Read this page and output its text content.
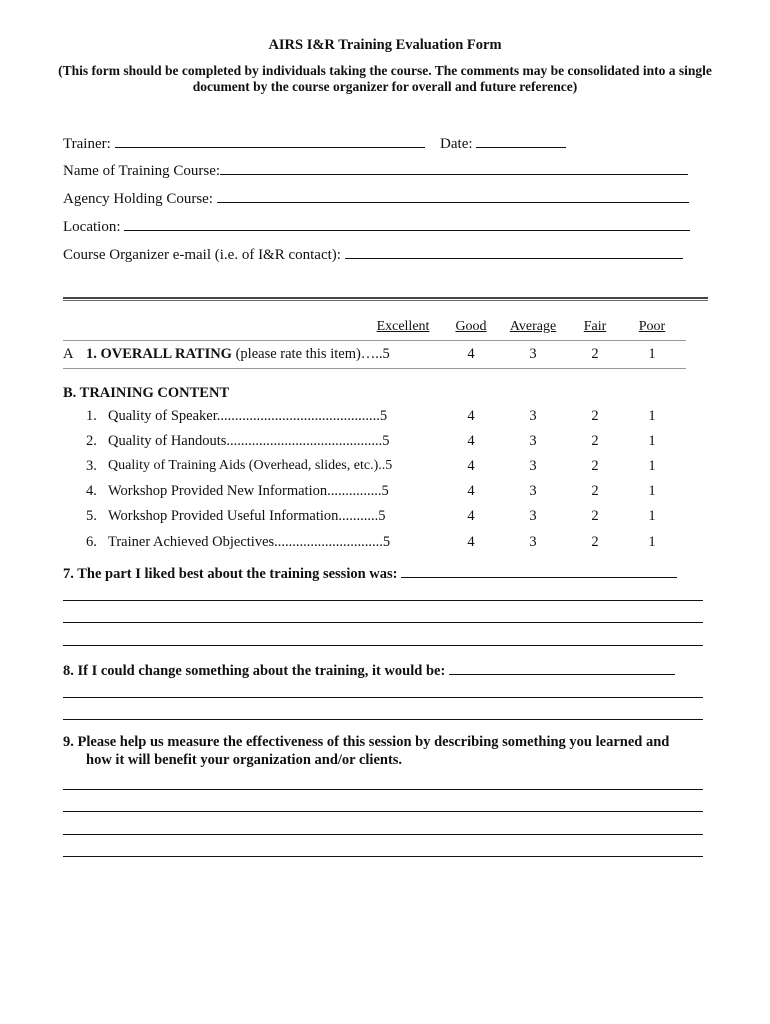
AIRS I&R Training Evaluation Form
(This form should be completed by individuals taking the course. The comments may be consolidated into a single document by the course organizer for overall and future reference)
Trainer:	Date:
Name of Training Course:
Agency Holding Course:
Location:
Course Organizer e-mail (i.e. of I&R contact):
Excellent	Good	Average	Fair	Poor
A 1. OVERALL RATING (please rate this item)…..5	4	3	2	1
B. TRAINING CONTENT
1. Quality of Speaker.............................................5	4	3	2	1
2. Quality of Handouts...........................................5	4	3	2	1
3. Quality of Training Aids (Overhead, slides, etc.)..5	4	3	2	1
4. Workshop Provided New Information...............5	4	3	2	1
5. Workshop Provided Useful Information...........5	4	3	2	1
6. Trainer Achieved Objectives..............................5	4	3	2	1
7. The part I liked best about the training session was:
8. If I could change something about the training, it would be:
9. Please help us measure the effectiveness of this session by describing something you learned and
how it will benefit your organization and/or clients.
